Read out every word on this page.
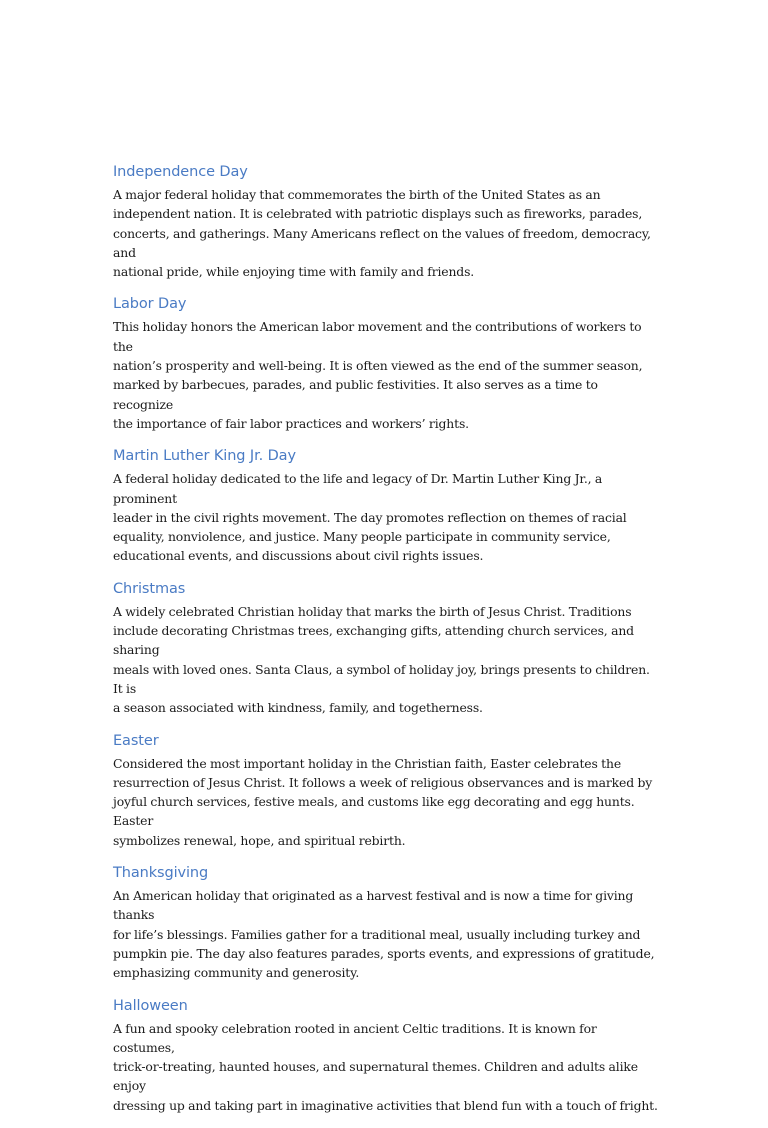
Independence Day
A major federal holiday that commemorates the birth of the United States as an
independent nation. It is celebrated with patriotic displays such as fireworks, parades,
concerts, and gatherings. Many Americans reflect on the values of freedom, democracy, and
national pride, while enjoying time with family and friends.
Labor Day
This holiday honors the American labor movement and the contributions of workers to the
nation’s prosperity and well-being. It is often viewed as the end of the summer season,
marked by barbecues, parades, and public festivities. It also serves as a time to recognize
the importance of fair labor practices and workers’ rights.
Martin Luther King Jr. Day
A federal holiday dedicated to the life and legacy of Dr. Martin Luther King Jr., a prominent
leader in the civil rights movement. The day promotes reflection on themes of racial
equality, nonviolence, and justice. Many people participate in community service,
educational events, and discussions about civil rights issues.
Christmas
A widely celebrated Christian holiday that marks the birth of Jesus Christ. Traditions
include decorating Christmas trees, exchanging gifts, attending church services, and sharing
meals with loved ones. Santa Claus, a symbol of holiday joy, brings presents to children. It is
a season associated with kindness, family, and togetherness.
Easter
Considered the most important holiday in the Christian faith, Easter celebrates the
resurrection of Jesus Christ. It follows a week of religious observances and is marked by
joyful church services, festive meals, and customs like egg decorating and egg hunts. Easter
symbolizes renewal, hope, and spiritual rebirth.
Thanksgiving
An American holiday that originated as a harvest festival and is now a time for giving thanks
for life’s blessings. Families gather for a traditional meal, usually including turkey and
pumpkin pie. The day also features parades, sports events, and expressions of gratitude,
emphasizing community and generosity.
Halloween
A fun and spooky celebration rooted in ancient Celtic traditions. It is known for costumes,
trick-or-treating, haunted houses, and supernatural themes. Children and adults alike enjoy
dressing up and taking part in imaginative activities that blend fun with a touch of fright.
